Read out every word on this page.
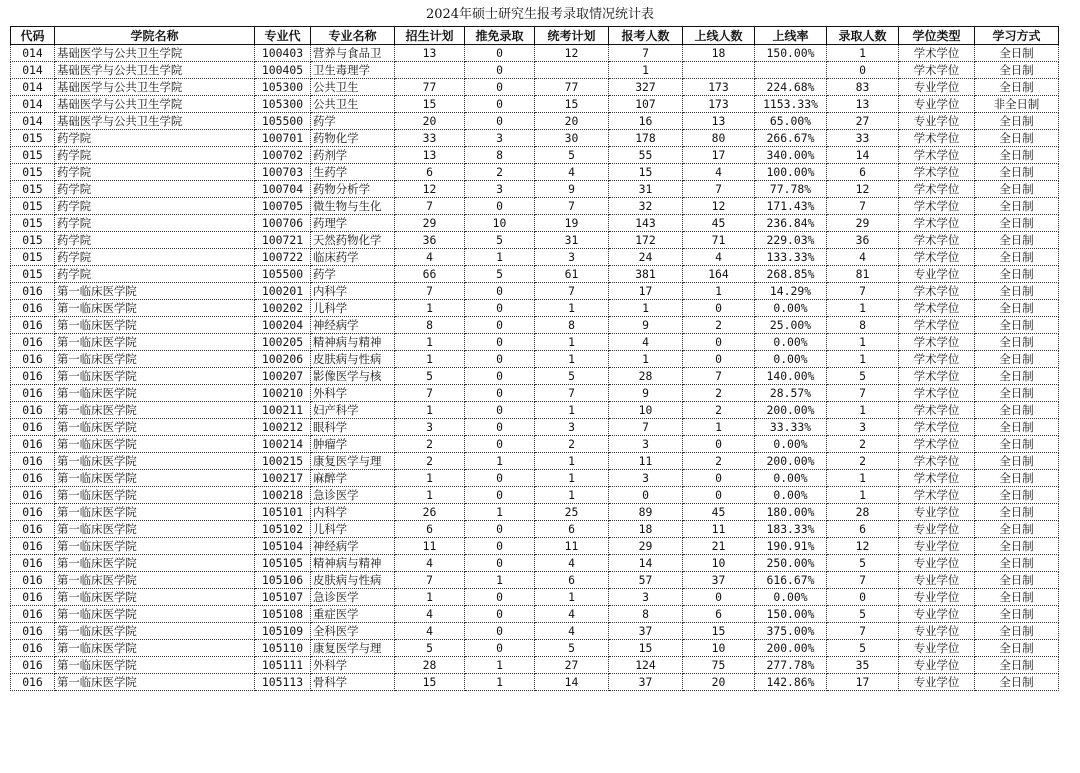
2024年硕士研究生报考录取情况统计表
代码	学院名称	专业代	专业名称	招生计划	推免录取	统考计划	报考人数	上线人数	上线率	录取人数	学位类型	学习方式
014	基础医学与公共卫生学院	100403	营养与食品卫	13	0	12	7	18	150.00%	1	学术学位	全日制
014	基础医学与公共卫生学院	100405	卫生毒理学		0		1			0	学术学位	全日制
014	基础医学与公共卫生学院	105300	公共卫生	77	0	77	327	173	224.68%	83	专业学位	全日制
014	基础医学与公共卫生学院	105300	公共卫生	15	0	15	107	173	1153.33%	13	专业学位	非全日制
014	基础医学与公共卫生学院	105500	药学	20	0	20	16	13	65.00%	27	专业学位	全日制
015	药学院	100701	药物化学	33	3	30	178	80	266.67%	33	学术学位	全日制
015	药学院	100702	药剂学	13	8	5	55	17	340.00%	14	学术学位	全日制
015	药学院	100703	生药学	6	2	4	15	4	100.00%	6	学术学位	全日制
015	药学院	100704	药物分析学	12	3	9	31	7	77.78%	12	学术学位	全日制
015	药学院	100705	微生物与生化	7	0	7	32	12	171.43%	7	学术学位	全日制
015	药学院	100706	药理学	29	10	19	143	45	236.84%	29	学术学位	全日制
015	药学院	100721	天然药物化学	36	5	31	172	71	229.03%	36	学术学位	全日制
015	药学院	100722	临床药学	4	1	3	24	4	133.33%	4	学术学位	全日制
015	药学院	105500	药学	66	5	61	381	164	268.85%	81	专业学位	全日制
016	第一临床医学院	100201	内科学	7	0	7	17	1	14.29%	7	学术学位	全日制
016	第一临床医学院	100202	儿科学	1	0	1	1	0	0.00%	1	学术学位	全日制
016	第一临床医学院	100204	神经病学	8	0	8	9	2	25.00%	8	学术学位	全日制
016	第一临床医学院	100205	精神病与精神	1	0	1	4	0	0.00%	1	学术学位	全日制
016	第一临床医学院	100206	皮肤病与性病	1	0	1	1	0	0.00%	1	学术学位	全日制
016	第一临床医学院	100207	影像医学与核	5	0	5	28	7	140.00%	5	学术学位	全日制
016	第一临床医学院	100210	外科学	7	0	7	9	2	28.57%	7	学术学位	全日制
016	第一临床医学院	100211	妇产科学	1	0	1	10	2	200.00%	1	学术学位	全日制
016	第一临床医学院	100212	眼科学	3	0	3	7	1	33.33%	3	学术学位	全日制
016	第一临床医学院	100214	肿瘤学	2	0	2	3	0	0.00%	2	学术学位	全日制
016	第一临床医学院	100215	康复医学与理	2	1	1	11	2	200.00%	2	学术学位	全日制
016	第一临床医学院	100217	麻醉学	1	0	1	3	0	0.00%	1	学术学位	全日制
016	第一临床医学院	100218	急诊医学	1	0	1	0	0	0.00%	1	学术学位	全日制
016	第一临床医学院	105101	内科学	26	1	25	89	45	180.00%	28	专业学位	全日制
016	第一临床医学院	105102	儿科学	6	0	6	18	11	183.33%	6	专业学位	全日制
016	第一临床医学院	105104	神经病学	11	0	11	29	21	190.91%	12	专业学位	全日制
016	第一临床医学院	105105	精神病与精神	4	0	4	14	10	250.00%	5	专业学位	全日制
016	第一临床医学院	105106	皮肤病与性病	7	1	6	57	37	616.67%	7	专业学位	全日制
016	第一临床医学院	105107	急诊医学	1	0	1	3	0	0.00%	0	专业学位	全日制
016	第一临床医学院	105108	重症医学	4	0	4	8	6	150.00%	5	专业学位	全日制
016	第一临床医学院	105109	全科医学	4	0	4	37	15	375.00%	7	专业学位	全日制
016	第一临床医学院	105110	康复医学与理	5	0	5	15	10	200.00%	5	专业学位	全日制
016	第一临床医学院	105111	外科学	28	1	27	124	75	277.78%	35	专业学位	全日制
016	第一临床医学院	105113	骨科学	15	1	14	37	20	142.86%	17	专业学位	全日制
